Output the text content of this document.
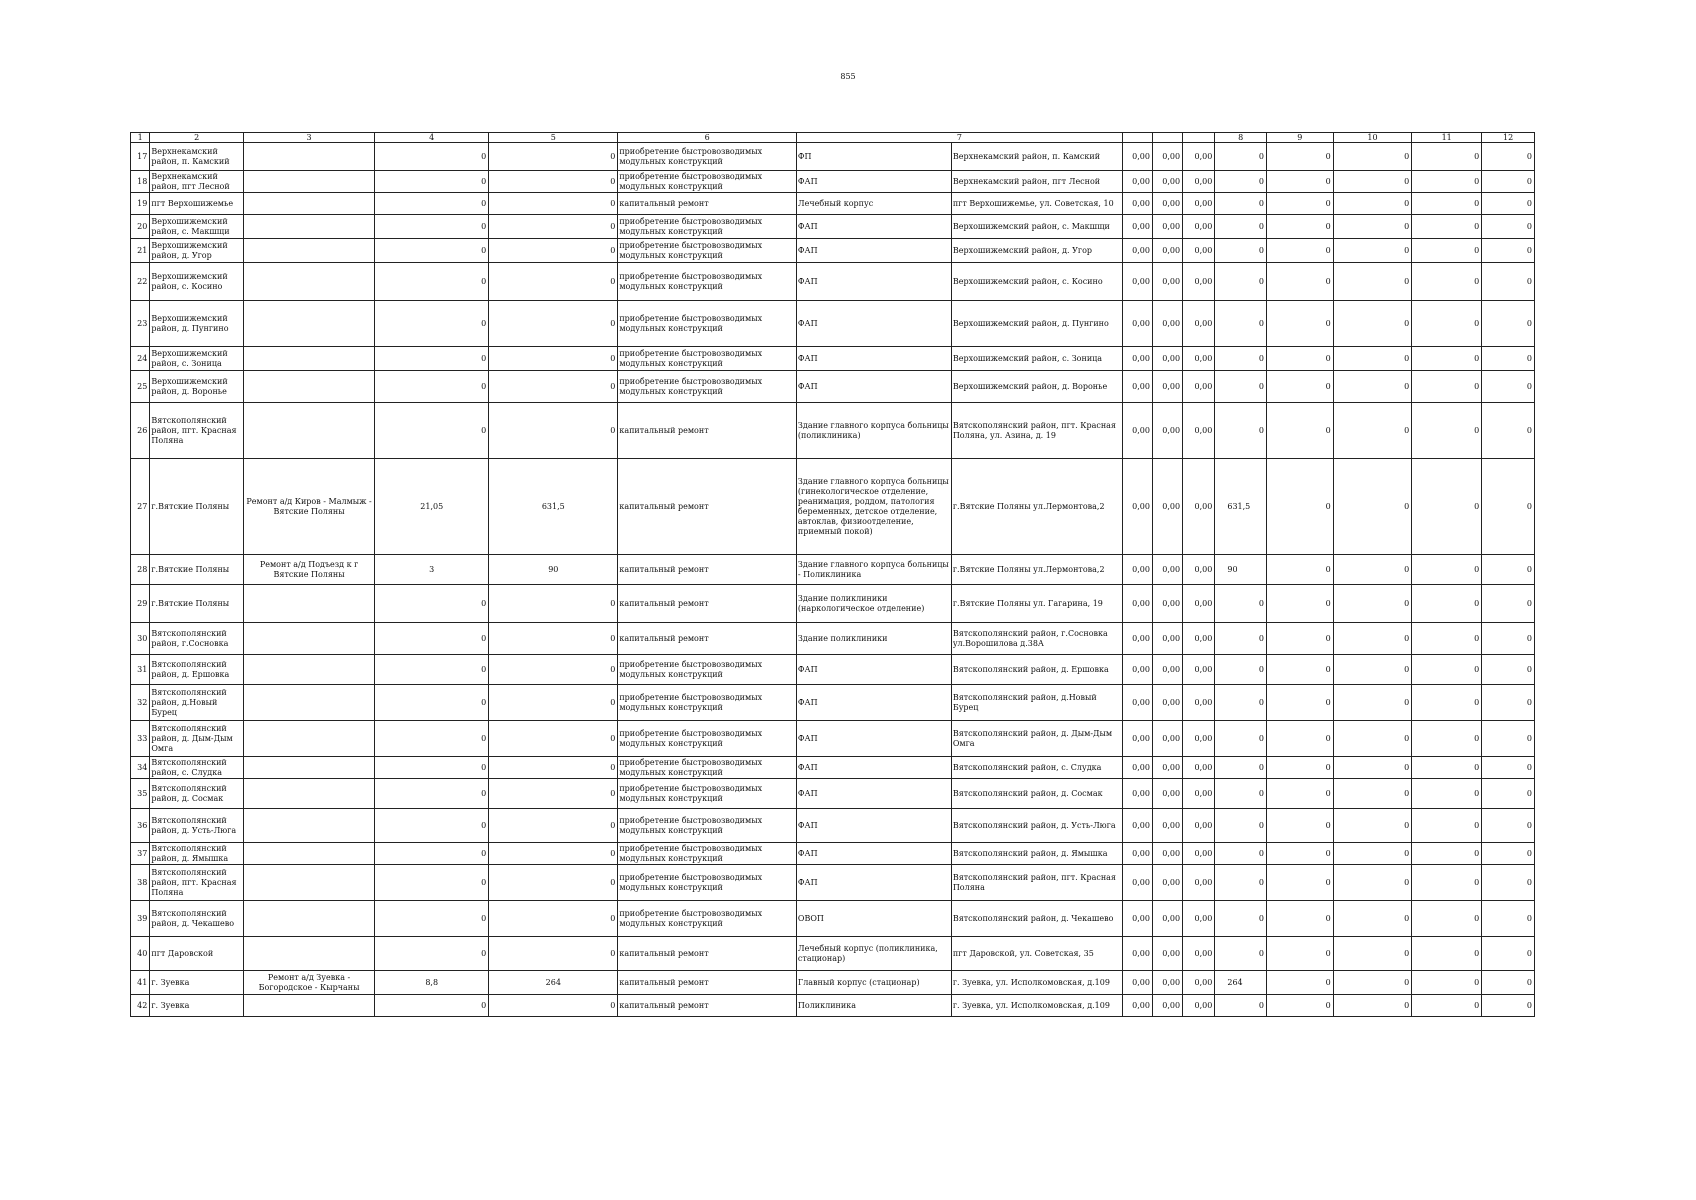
855
1	2	3	4	5	6	7					8	9	10	11	12
17	Верхнекамский район, п. Камский		0	0	приобретение быстровозводимых модульных конструкций	ФП	Верхнекамский район, п. Камский	0,00	0,00	0,00	0	0	0	0	0
18	Верхнекамский район, пгт Лесной		0	0	приобретение быстровозводимых модульных конструкций	ФАП	Верхнекамский район, пгт Лесной	0,00	0,00	0,00	0	0	0	0	0
19	пгт Верхошижемье		0	0	капитальный ремонт	Лечебный корпус	пгт Верхошижемье, ул. Советская, 10	0,00	0,00	0,00	0	0	0	0	0
20	Верхошижемский район, с. Макшщи		0	0	приобретение быстровозводимых модульных конструкций	ФАП	Верхошижемский район, с. Макшщи	0,00	0,00	0,00	0	0	0	0	0
21	Верхошижемский район, д. Угор		0	0	приобретение быстровозводимых модульных конструкций	ФАП	Верхошижемский район, д. Угор	0,00	0,00	0,00	0	0	0	0	0
22	Верхошижемский район, с. Косино		0	0	приобретение быстровозводимых модульных конструкций	ФАП	Верхошижемский район, с. Косино	0,00	0,00	0,00	0	0	0	0	0
23	Верхошижемский район, д. Пунгино		0	0	приобретение быстровозводимых модульных конструкций	ФАП	Верхошижемский район, д. Пунгино	0,00	0,00	0,00	0	0	0	0	0
24	Верхошижемский район, с. Зоница		0	0	приобретение быстровозводимых модульных конструкций	ФАП	Верхошижемский район, с. Зоница	0,00	0,00	0,00	0	0	0	0	0
25	Верхошижемский район, д. Воронье		0	0	приобретение быстровозводимых модульных конструкций	ФАП	Верхошижемский район, д. Воронье	0,00	0,00	0,00	0	0	0	0	0
26	Вятскополянский район, пгт. Красная Поляна		0	0	капитальный ремонт	Здание главного корпуса больницы (поликлиника)	Вятскополянский район, пгт. Красная Поляна, ул. Азина, д. 19	0,00	0,00	0,00	0	0	0	0	0
27	г.Вятские Поляны	Ремонт а/д Киров - Малмыж - Вятские Поляны	21,05	631,5	капитальный ремонт	Здание главного корпуса больницы (гинекологическое отделение, реанимация, роддом, патология беременных, детское отделение, автоклав, физиоотделение, приемный покой)	г.Вятские Поляны ул.Лермонтова,2	0,00	0,00	0,00	631,5	0	0	0	0
28	г.Вятские Поляны	Ремонт а/д Подъезд к г Вятские Поляны	3	90	капитальный ремонт	Здание главного корпуса больницы - Поликлиника	г.Вятские Поляны ул.Лермонтова,2	0,00	0,00	0,00	90	0	0	0	0
29	г.Вятские Поляны		0	0	капитальный ремонт	Здание поликлиники (наркологическое отделение)	г.Вятские Поляны ул. Гагарина, 19	0,00	0,00	0,00	0	0	0	0	0
30	Вятскополянский район, г.Сосновка		0	0	капитальный ремонт	Здание поликлиники	Вятскополянский район, г.Сосновка ул.Ворошилова д.38А	0,00	0,00	0,00	0	0	0	0	0
31	Вятскополянский район, д. Ершовка		0	0	приобретение быстровозводимых модульных конструкций	ФАП	Вятскополянский район, д. Ершовка	0,00	0,00	0,00	0	0	0	0	0
32	Вятскополянский район, д.Новый Бурец		0	0	приобретение быстровозводимых модульных конструкций	ФАП	Вятскополянский район, д.Новый Бурец	0,00	0,00	0,00	0	0	0	0	0
33	Вятскополянский район, д. Дым-Дым Омга		0	0	приобретение быстровозводимых модульных конструкций	ФАП	Вятскополянский район, д. Дым-Дым Омга	0,00	0,00	0,00	0	0	0	0	0
34	Вятскополянский район, с. Слудка		0	0	приобретение быстровозводимых модульных конструкций	ФАП	Вятскополянский район, с. Слудка	0,00	0,00	0,00	0	0	0	0	0
35	Вятскополянский район, д. Сосмак		0	0	приобретение быстровозводимых модульных конструкций	ФАП	Вятскополянский район, д. Сосмак	0,00	0,00	0,00	0	0	0	0	0
36	Вятскополянский район, д. Усть-Люга		0	0	приобретение быстровозводимых модульных конструкций	ФАП	Вятскополянский район, д. Усть-Люга	0,00	0,00	0,00	0	0	0	0	0
37	Вятскополянский район, д. Ямышка		0	0	приобретение быстровозводимых модульных конструкций	ФАП	Вятскополянский район, д. Ямышка	0,00	0,00	0,00	0	0	0	0	0
38	Вятскополянский район, пгт. Красная Поляна		0	0	приобретение быстровозводимых модульных конструкций	ФАП	Вятскополянский район, пгт. Красная Поляна	0,00	0,00	0,00	0	0	0	0	0
39	Вятскополянский район, д. Чекашево		0	0	приобретение быстровозводимых модульных конструкций	ОВОП	Вятскополянский район, д. Чекашево	0,00	0,00	0,00	0	0	0	0	0
40	пгт Даровской		0	0	капитальный ремонт	Лечебный корпус (поликлиника, стационар)	пгт Даровской, ул. Советская, 35	0,00	0,00	0,00	0	0	0	0	0
41	г. Зуевка	Ремонт а/д Зуевка - Богородское - Кырчаны	8,8	264	капитальный ремонт	Главный корпус (стационар)	г. Зуевка, ул. Исполкомовская, д.109	0,00	0,00	0,00	264	0	0	0	0
42	г. Зуевка		0	0	капитальный ремонт	Поликлиника	г. Зуевка, ул. Исполкомовская, д.109	0,00	0,00	0,00	0	0	0	0	0
